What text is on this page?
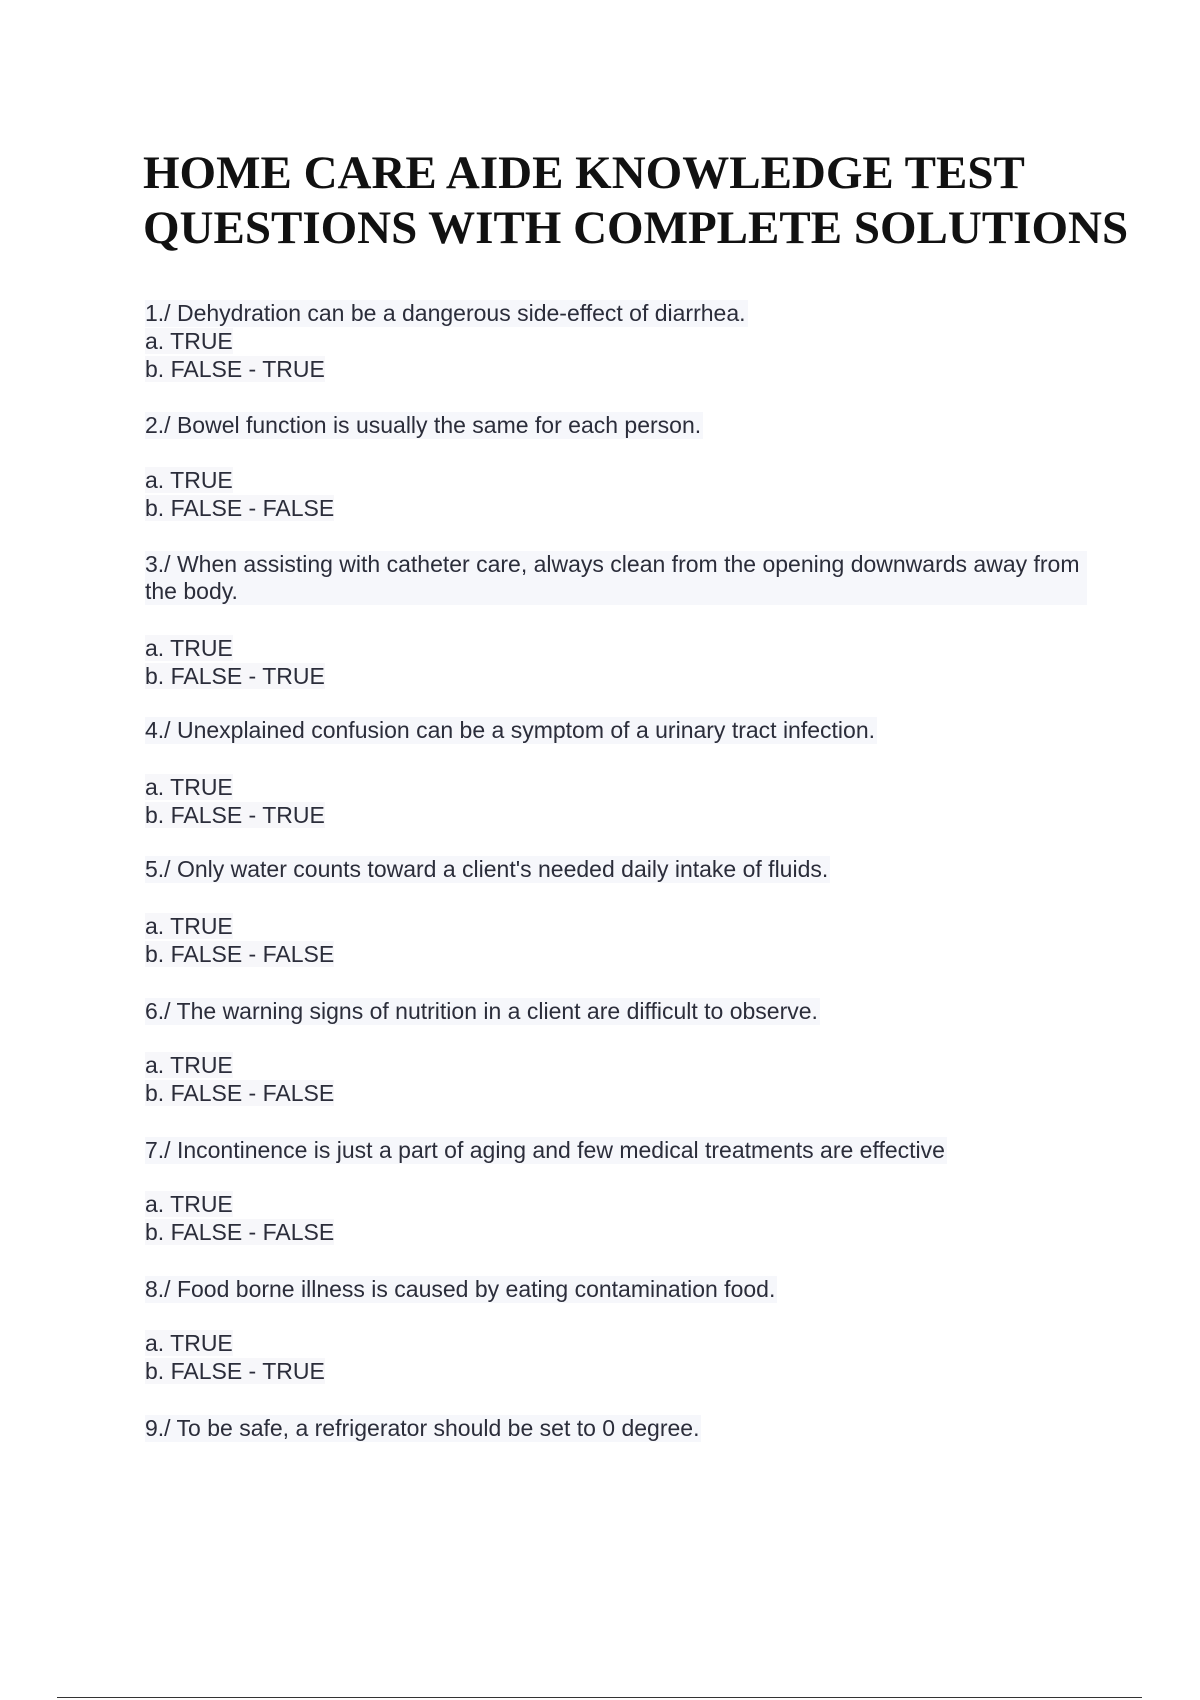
HOME CARE AIDE KNOWLEDGE TEST
QUESTIONS WITH COMPLETE SOLUTIONS
1./ Dehydration can be a dangerous side-effect of diarrhea.
a. TRUE
b. FALSE - TRUE
2./ Bowel function is usually the same for each person.
a. TRUE
b. FALSE - FALSE
3./ When assisting with catheter care, always clean from the opening downwards away from the body.
a. TRUE
b. FALSE - TRUE
4./ Unexplained confusion can be a symptom of a urinary tract infection.
a. TRUE
b. FALSE - TRUE
5./ Only water counts toward a client's needed daily intake of fluids.
a. TRUE
b. FALSE - FALSE
6./ The warning signs of nutrition in a client are difficult to observe.
a. TRUE
b. FALSE - FALSE
7./ Incontinence is just a part of aging and few medical treatments are effective
a. TRUE
b. FALSE - FALSE
8./ Food borne illness is caused by eating contamination food.
a. TRUE
b. FALSE - TRUE
9./ To be safe, a refrigerator should be set to 0 degree.
